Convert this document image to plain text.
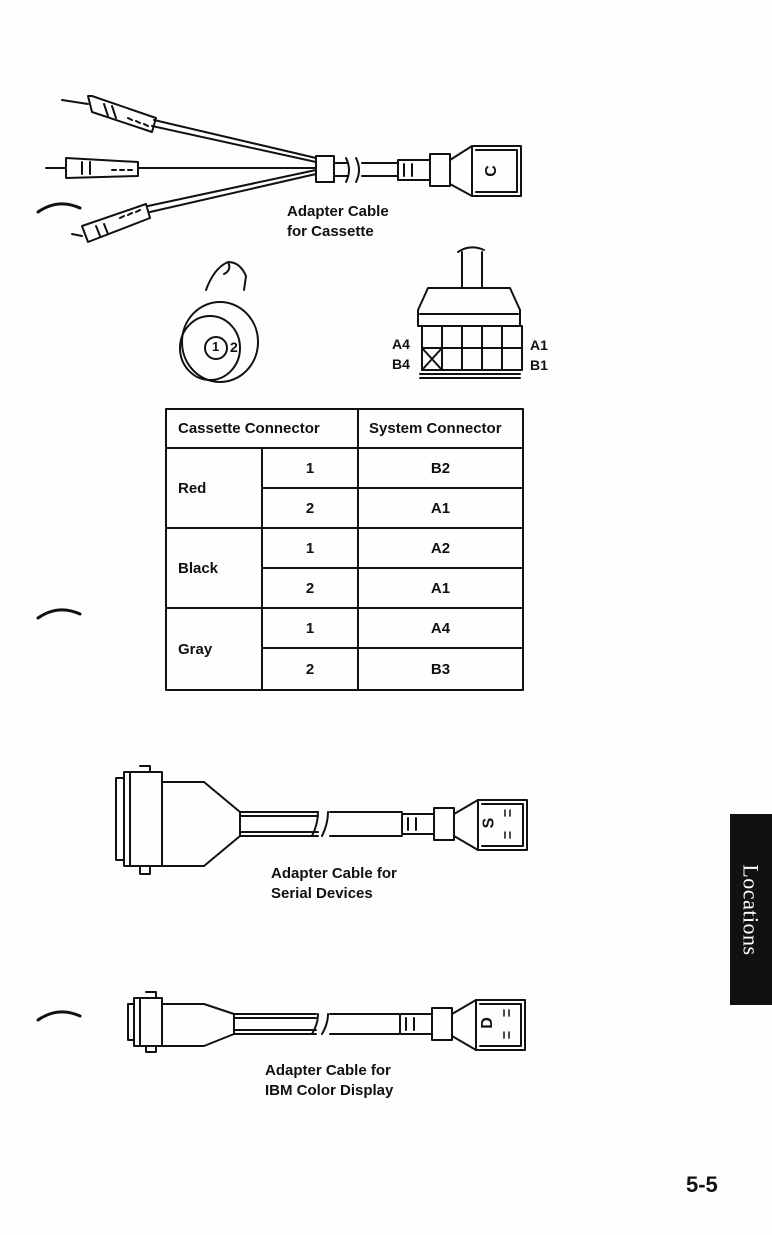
Adapter Cable
for Cassette
C
1 2	A4
B4
A1
B1
Cassette Connector	System Connector
Red
1	B2
2	A1
Black
1	A2
2	A1
Gray
1	A4
2	B3
S
Adapter Cable for
Serial Devices
D
Adapter Cable for
IBM Color Display
Locations
5-5
